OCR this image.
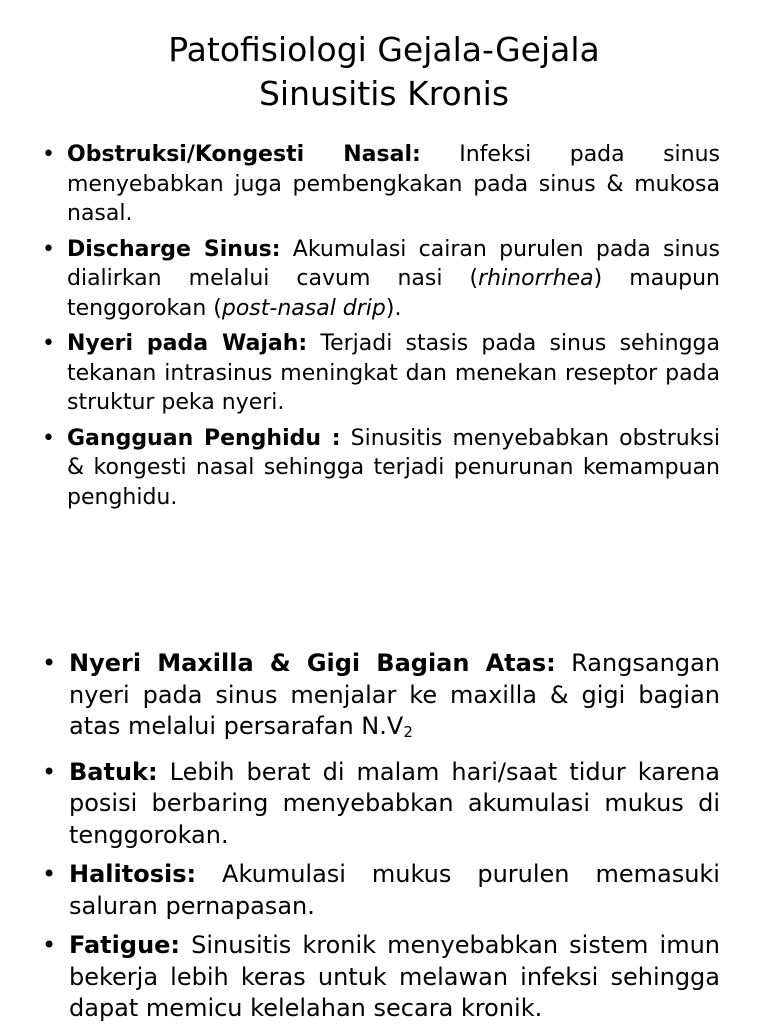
Patofisiologi Gejala-Gejala
Sinusitis Kronis
• Obstruksi/Kongesti Nasal: Infeksi pada sinus menyebabkan juga pembengkakan pada sinus & mukosa nasal.
• Discharge Sinus: Akumulasi cairan purulen pada sinus dialirkan melalui cavum nasi (rhinorrhea) maupun tenggorokan (post-nasal drip).
• Nyeri pada Wajah: Terjadi stasis pada sinus sehingga tekanan intrasinus meningkat dan menekan reseptor pada struktur peka nyeri.
• Gangguan Penghidu : Sinusitis menyebabkan obstruksi & kongesti nasal sehingga terjadi penurunan kemampuan penghidu.
• Nyeri Maxilla & Gigi Bagian Atas: Rangsangan nyeri pada sinus menjalar ke maxilla & gigi bagian atas melalui persarafan $N.V_2$
• Batuk: Lebih berat di malam hari/saat tidur karena posisi berbaring menyebabkan akumulasi mukus di tenggorokan.
• Halitosis: Akumulasi mukus purulen memasuki saluran pernapasan.
• Fatigue: Sinusitis kronik menyebabkan sistem imun bekerja lebih keras untuk melawan infeksi sehingga dapat memicu kelelahan secara kronik.
